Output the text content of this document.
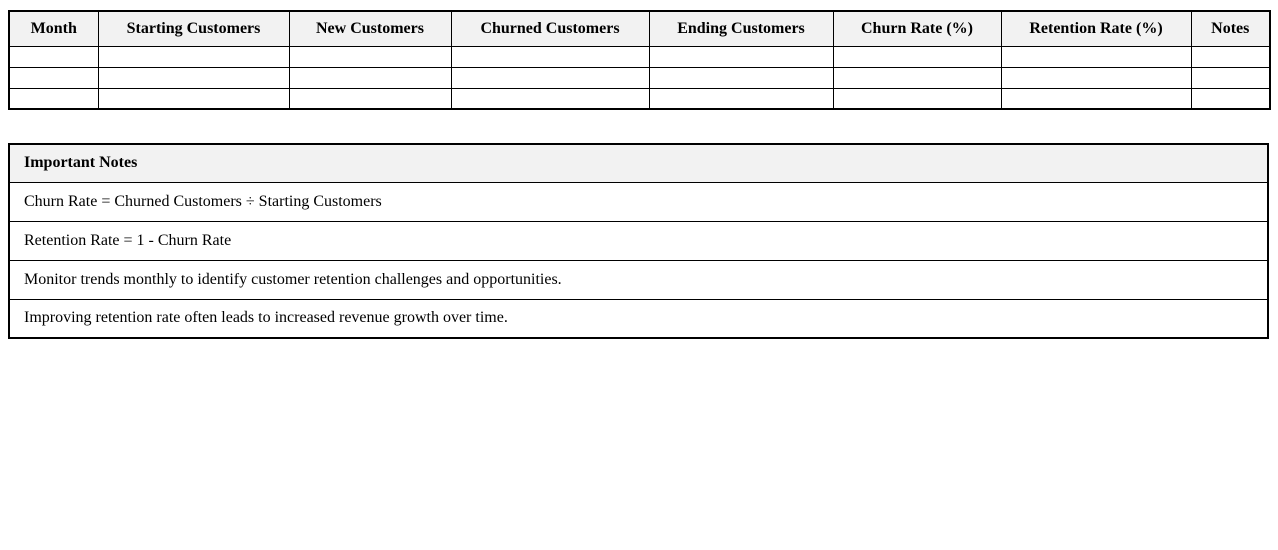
Month	Starting Customers	New Customers	Churned Customers	Ending Customers	Churn Rate (%)	Retention Rate (%)	Notes

Important Notes
Churn Rate = Churned Customers ÷ Starting Customers
Retention Rate = 1 - Churn Rate
Monitor trends monthly to identify customer retention challenges and opportunities.
Improving retention rate often leads to increased revenue growth over time.
